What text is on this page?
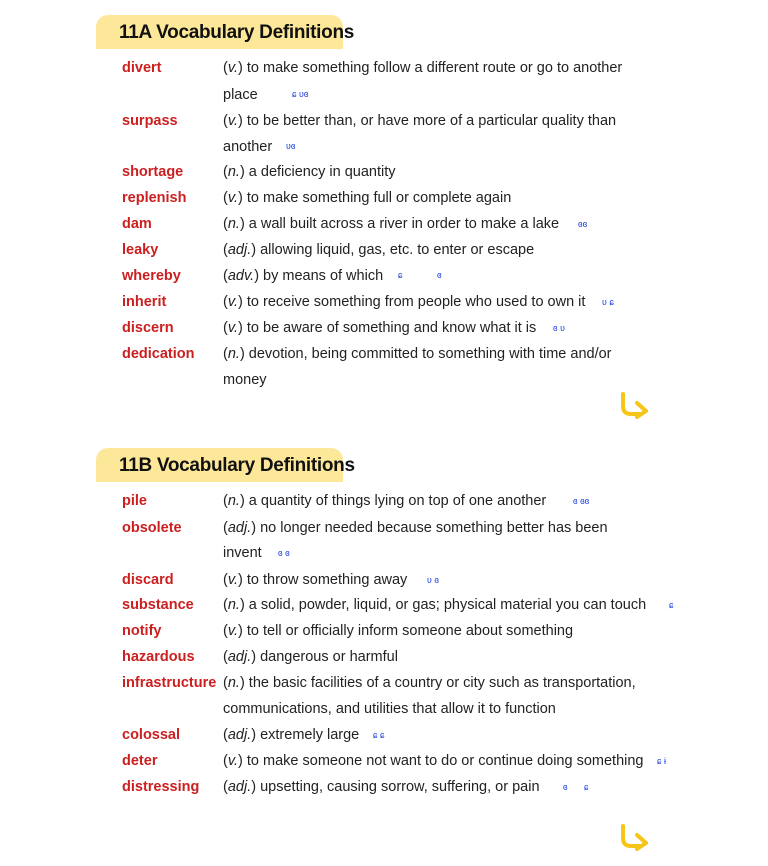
11A Vocabulary Definitions
divert	(v.) to make something follow a different route or go to another
place	ɕ ʋɞ
surpass	(v.) to be better than, or have more of a particular quality than
another ʋɞ
shortage	(n.) a deficiency in quantity
replenish	(v.) to make something full or complete again
dam	(n.) a wall built across a river in order to make a lake ɞɞ
leaky	(adj.) allowing liquid, gas, etc. to enter or escape
whereby	(adv.) by means of which ɕ	ɞ
inherit	(v.) to receive something from people who used to own it ʋ ɕ
discern	(v.) to be aware of something and know what it is ɞ ʋ
dedication (n.) devotion, being committed to something with time and/or
money
11B Vocabulary Definitions
pile	(n.) a quantity of things lying on top of one another	ɞ ɞɞ
obsolete	(adj.) no longer needed because something better has been
invent ɞ ɞ
discard	(v.) to throw something away ʋ ɞ
substance (n.) a solid, powder, liquid, or gas; physical material you can touch	ɕ
notify	(v.) to tell or officially inform someone about something
hazardous (adj.) dangerous or harmful
infrastructure (n.) the basic facilities of a country or city such as transportation,
communications, and utilities that allow it to function
colossal	(adj.) extremely large ɕ ɕ
deter	(v.) to make someone not want to do or continue doing something ɕ ɨ
distressing (adj.) upsetting, causing sorrow, suffering, or pain	ɞ ɕ
